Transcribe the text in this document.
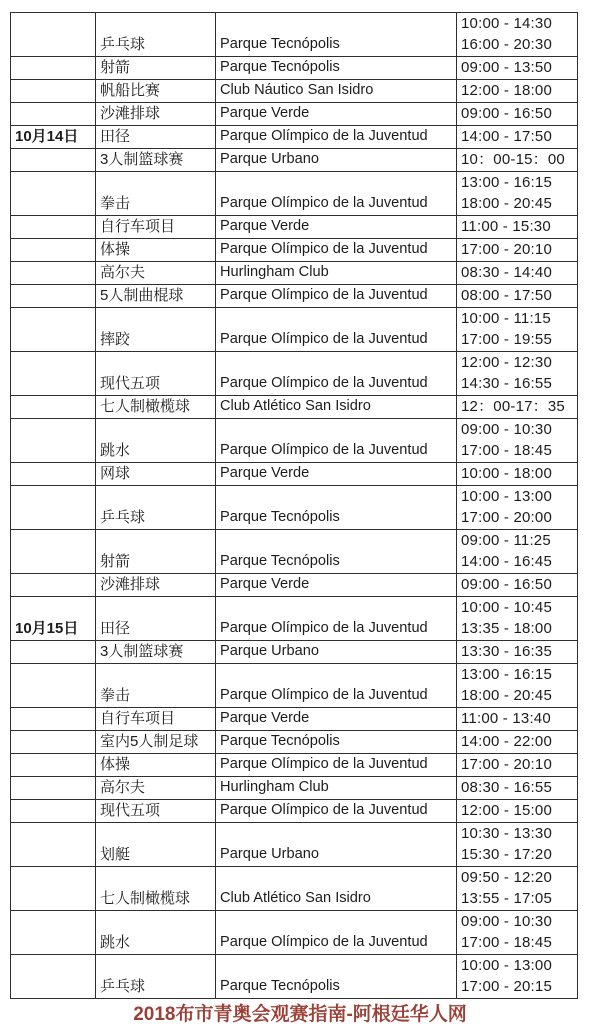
	乒乓球	Parque Tecnópolis	10:00 - 14:30
16:00 - 20:30

	射箭	Parque Tecnópolis	09:00 - 13:50

	帆船比赛	Club Náutico San Isidro	12:00 - 18:00

	沙滩排球	Parque Verde	09:00 - 16:50

10月14日	田径	Parque Olímpico de la Juventud	14:00 - 17:50

	3人制篮球赛	Parque Urbano	10：00-15：00

	拳击	Parque Olímpico de la Juventud	13:00 - 16:15
18:00 - 20:45

	自行车项目	Parque Verde	11:00 - 15:30

	体操	Parque Olímpico de la Juventud	17:00 - 20:10

	高尔夫	Hurlingham Club	08:30 - 14:40

	5人制曲棍球	Parque Olímpico de la Juventud	08:00 - 17:50

	摔跤	Parque Olímpico de la Juventud	10:00 - 11:15
17:00 - 19:55

	现代五项	Parque Olímpico de la Juventud	12:00 - 12:30
14:30 - 16:55

	七人制橄榄球	Club Atlético San Isidro	12：00-17：35

	跳水	Parque Olímpico de la Juventud	09:00 - 10:30
17:00 - 18:45

	网球	Parque Verde	10:00 - 18:00

	乒乓球	Parque Tecnópolis	10:00 - 13:00
17:00 - 20:00

	射箭	Parque Tecnópolis	09:00 - 11:25
14:00 - 16:45

	沙滩排球	Parque Verde	09:00 - 16:50

10月15日	田径	Parque Olímpico de la Juventud	10:00 - 10:45
13:35 - 18:00

	3人制篮球赛	Parque Urbano	13:30 - 16:35

	拳击	Parque Olímpico de la Juventud	13:00 - 16:15
18:00 - 20:45

	自行车项目	Parque Verde	11:00 - 13:40

	室内5人制足球	Parque Tecnópolis	14:00 - 22:00

	体操	Parque Olímpico de la Juventud	17:00 - 20:10

	高尔夫	Hurlingham Club	08:30 - 16:55

	现代五项	Parque Olímpico de la Juventud	12:00 - 15:00

	划艇	Parque Urbano	10:30 - 13:30
15:30 - 17:20

	七人制橄榄球	Club Atlético San Isidro	09:50 - 12:20
13:55 - 17:05

	跳水	Parque Olímpico de la Juventud	09:00 - 10:30
17:00 - 18:45

	乒乓球	Parque Tecnópolis	10:00 - 13:00
17:00 - 20:15
2018布市青奥会观赛指南-阿根廷华人网
